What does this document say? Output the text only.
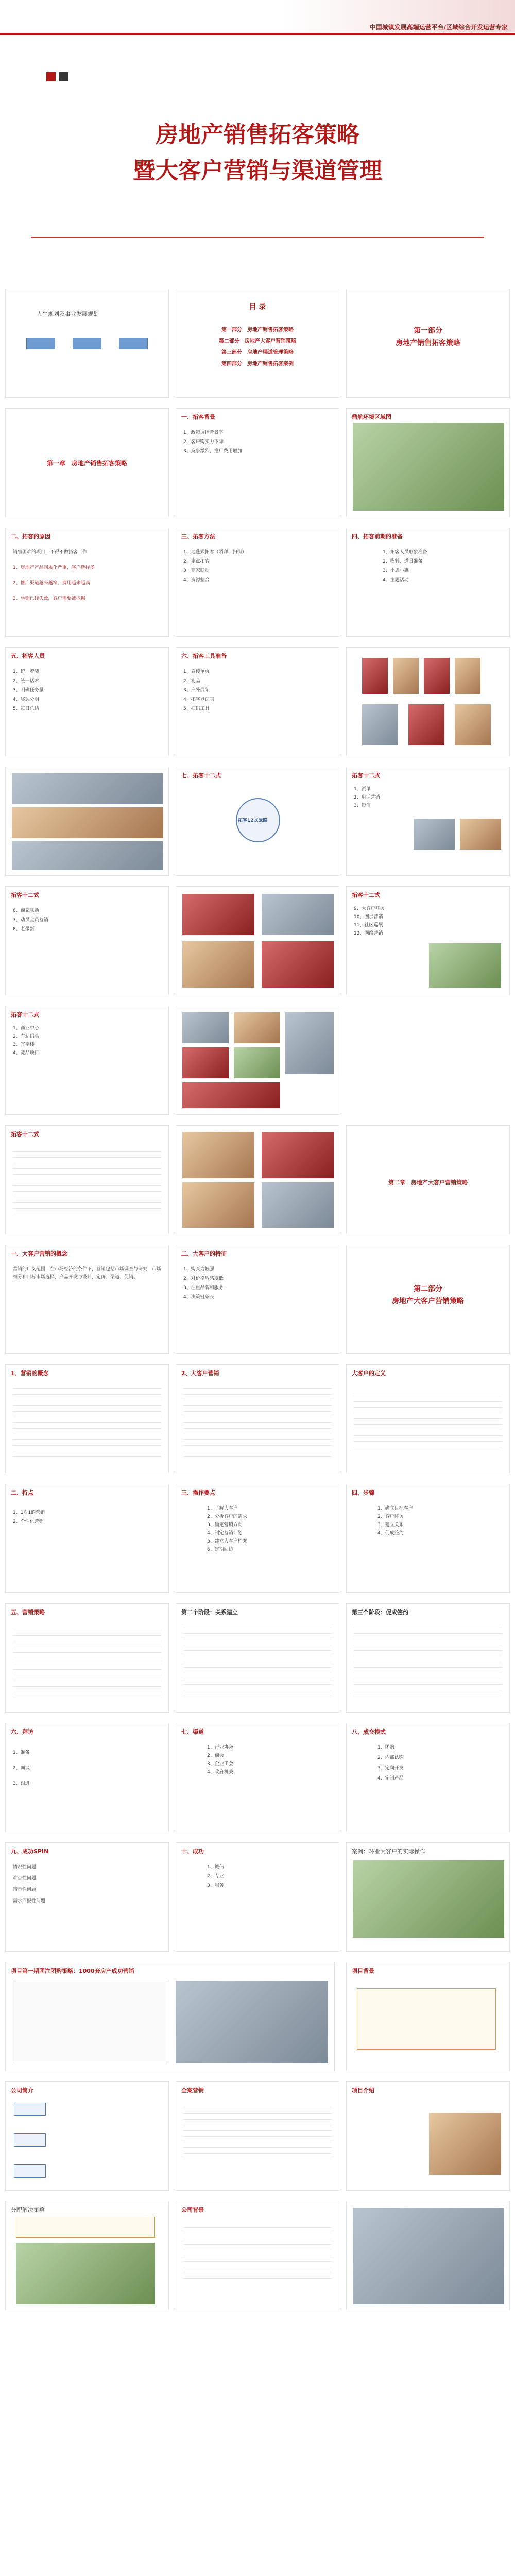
中国城镇发展高端运营平台/区域综合开发运营专家
房地产销售拓客策略
暨大客户营销与渠道管理
人生规划及事业发展规划
目 录
第一部分　房地产销售拓客策略
第二部分　房地产大客户营销策略
第三部分　房地产渠道管理策略
第四部分　房地产销售拓客案例
第一部分
房地产销售拓客策略
第一章　房地产销售拓客策略
一、拓客背景
1、政策调控背景下
2、客户购买力下降
3、竞争激烈，推广费用增加
鼎航环境区域图
二、拓客的原因
销售困难的项目，不得不做拓客工作
1、房地产产品同质化严重，客户选择多
2、推广渠道越来越窄，费用越来越高
3、坐销已经失效，客户需要被挖掘
三、拓客方法
1、地毯式拓客（陌拜、扫街）
2、定点拓客
3、商家联动
4、资源整合
四、拓客前期的准备
1、拓客人员形象准备
2、物料、道具准备
3、小恩小惠
4、主题活动
五、拓客人员
1、统一着装
2、统一话术
3、明确任务量
4、奖惩分明
5、每日总结
六、拓客工具准备
1、宣传单页
2、礼品
3、户外展架
4、拓客登记表
5、扫码工具
七、拓客十二式
拓客12式战略
拓客十二式
1、派单
2、电话营销
3、短信
拓客十二式
6、商家联动
7、动员全员营销
8、老带新
拓客十二式
9、大客户拜访
10、圈层营销
11、社区巡展
12、网络营销
拓客十二式
1、商业中心
2、车站码头
3、写字楼
4、竞品项目
拓客十二式
第二章　房地产大客户营销策略
一、大客户营销的概念
营销的广义范围，在市场经济的条件下，营销包括市场调查与研究，市场细分和目标市场选择，产品开发与设计，定价、渠道、促销。
二、大客户的特征
1、购买力较强
2、对价格敏感度低
3、注重品牌和服务
4、决策链条长
第二部分
房地产大客户营销策略
1、营销的概念	2、大客户营销	大客户的定义
二、特点
1、1对1的营销
2、个性化营销
三、操作要点
1、了解大客户
2、分析客户的需求
3、确定营销方向
4、制定营销计划
5、建立大客户档案
6、定期回访
四、步骤
1、确立目标客户
2、客户拜访
3、建立关系
4、促成签约
五、营销策略	第二个阶段：关系建立	第三个阶段：促成签约
六、拜访
1、准备
2、面谈
3、跟进
七、渠道
1、行业协会
2、商会
3、企业工会
4、政府机关
八、成交模式
1、团购
2、内部认购
3、定向开发
4、定制产品
九、成功SPIN
情况性问题
难点性问题
暗示性问题
需求回报性问题
十、成功
1、诚信
2、专业
3、服务
案例：环业大客户的实际操作
项目第一期团注团购策略：1000套房产成功营销	项目背景
公司简介	全案营销	项目介绍
分配解决策略	公司背景
